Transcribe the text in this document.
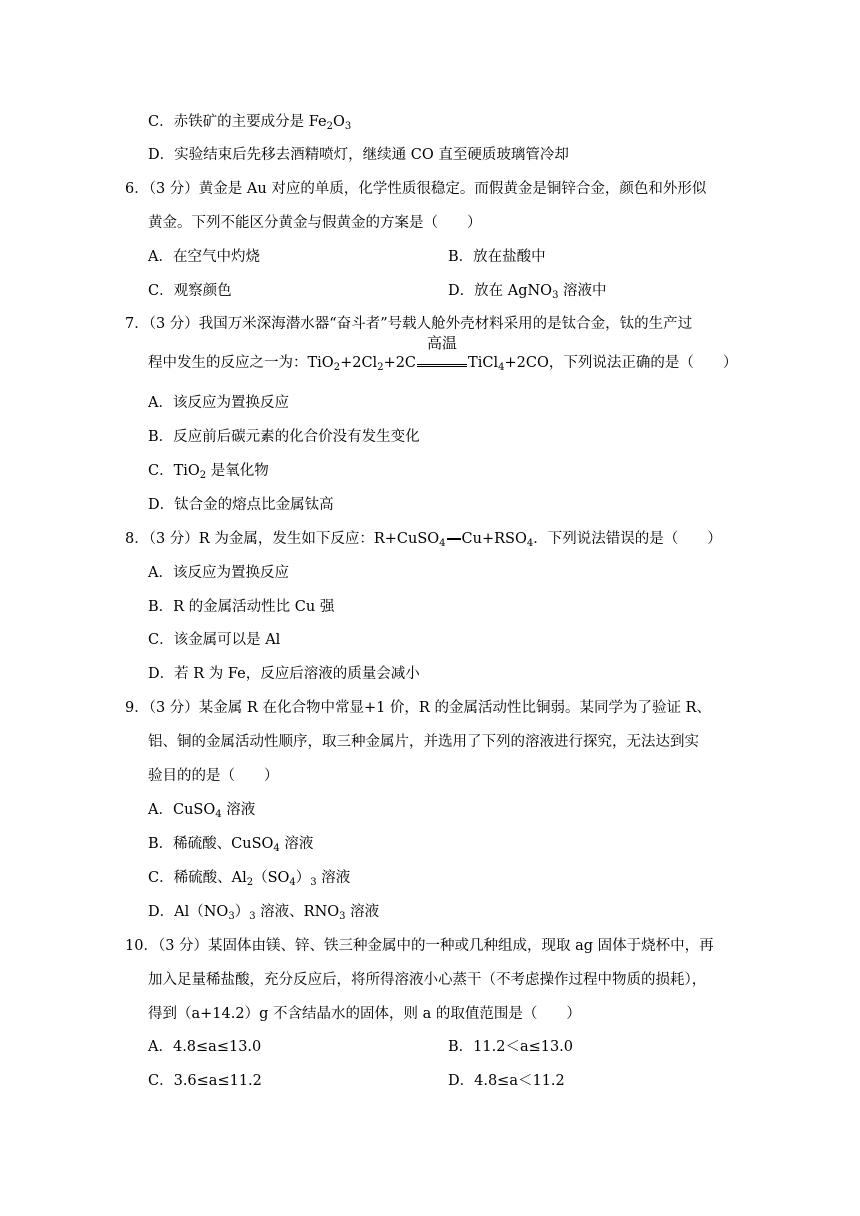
C．赤铁矿的主要成分是 $Fe_2O_3$
D．实验结束后先移去酒精喷灯，继续通 CO 直至硬质玻璃管冷却
6．（3 分）黄金是 Au 对应的单质，化学性质很稳定。而假黄金是铜锌合金，颜色和外形似
黄金。下列不能区分黄金与假黄金的方案是（　　）
A．在空气中灼烧	B．放在盐酸中
C．观察颜色	D．放在 AgNO$_3$ 溶液中
7．（3 分）我国万米深海潜水器“奋斗者”号载人舱外壳材料采用的是钛合金，钛的生产过
程中发生的反应之一为：$TiO_2+2Cl_2+2C$
高温
TiCl$_4$+2CO，下列说法正确的是（　　）
A．该反应为置换反应
B．反应前后碳元素的化合价没有发生变化
C．TiO$_2$ 是氧化物
D．钛合金的熔点比金属钛高
8．（3 分）R 为金属，发生如下反应：R+CuSO$_4$ $Cu+RSO_4$．下列说法错误的是（　　）
A．该反应为置换反应
B．R 的金属活动性比 Cu 强
C．该金属可以是 Al
D．若 R 为 Fe，反应后溶液的质量会减小
9．（3 分）某金属 R 在化合物中常显+1 价，R 的金属活动性比铜弱。某同学为了验证 R、
铝、铜的金属活动性顺序，取三种金属片，并选用了下列的溶液进行探究，无法达到实
验目的的是（　　）
A．CuSO$_4$ 溶液
B．稀硫酸、CuSO$_4$ 溶液
C．稀硫酸、$Al_2(SO_4)_3$ 溶液
D．$Al(NO_3)_3$ 溶液、$RNO_3$ 溶液
10．（3 分）某固体由镁、锌、铁三种金属中的一种或几种组成，现取 ag 固体于烧杯中，再
加入足量稀盐酸，充分反应后，将所得溶液小心蒸干（不考虑操作过程中物质的损耗），
得到（a+14.2）g 不含结晶水的固体，则 a 的取值范围是（　　）
A．4.8≤a≤13.0	B．11.2＜a≤13.0
C．3.6≤a≤11.2	D．4.8≤a＜11.2
